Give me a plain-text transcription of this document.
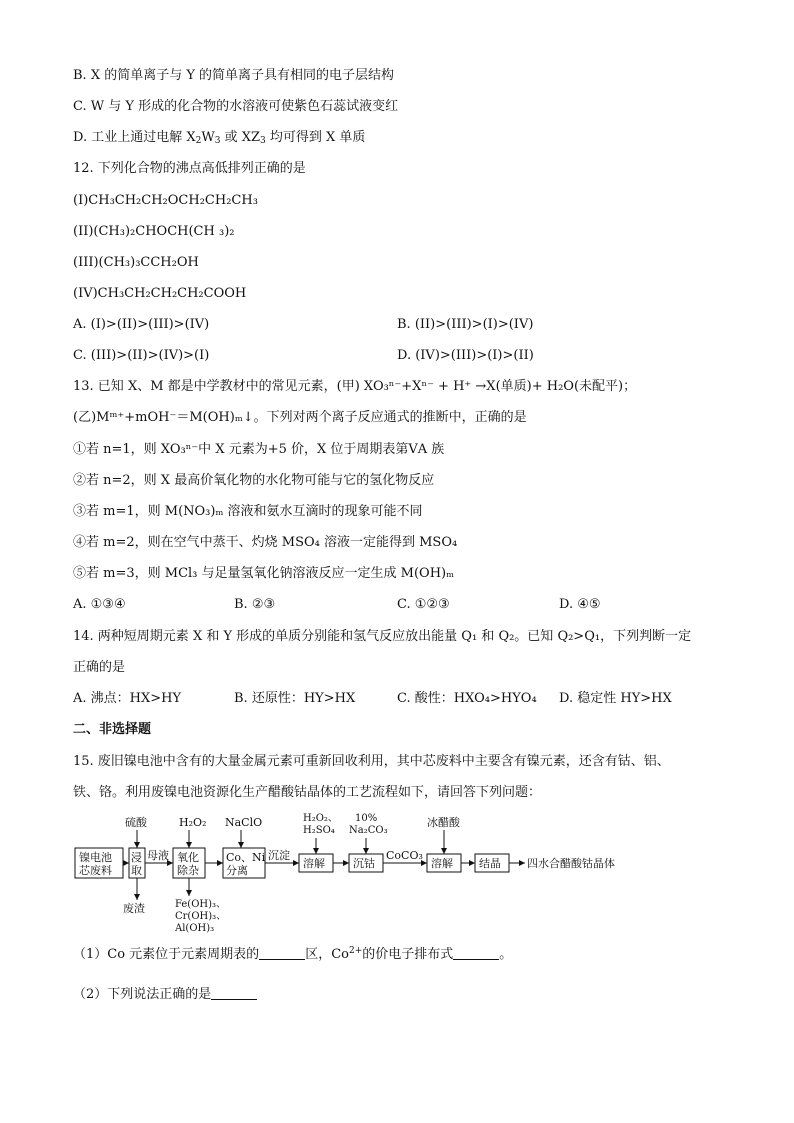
B. X 的简单离子与 Y 的简单离子具有相同的电子层结构
C. W 与 Y 形成的化合物的水溶液可使紫色石蕊试液变红
D. 工业上通过电解 $X_2W_3$ 或 $XZ_3$ 均可得到 X 单质
12. 下列化合物的沸点高低排列正确的是
(I)CH₃CH₂CH₂OCH₂CH₂CH₃
(II)(CH₃)₂CHOCH(CH ₃)₂
(III)(CH₃)₃CCH₂OH
(IV)CH₃CH₂CH₂CH₂COOH
A. (I)>(II)>(III)>(IV)	B. (II)>(III)>(I)>(IV)
C. (III)>(II)>(IV)>(I)	D. (IV)>(III)>(I)>(II)
13. 已知 X、M 都是中学教材中的常见元素，(甲) XO₃ⁿ⁻+Xⁿ⁻ + H⁺ →X(单质)+ H₂O(未配平)；
(乙)Mᵐ⁺+mOH⁻＝M(OH)ₘ↓。下列对两个离子反应通式的推断中，正确的是
①若 n=1，则 XO₃ⁿ⁻中 X 元素为+5 价，X 位于周期表第ⅤA 族
②若 n=2，则 X 最高价氧化物的水化物可能与它的氢化物反应
③若 m=1，则 M(NO₃)ₘ 溶液和氨水互滴时的现象可能不同
④若 m=2，则在空气中蒸干、灼烧 MSO₄ 溶液一定能得到 MSO₄
⑤若 m=3，则 MCl₃ 与足量氢氧化钠溶液反应一定生成 M(OH)ₘ
A. ①③④	B. ②③	C. ①②③	D. ④⑤
14. 两种短周期元素 X 和 Y 形成的单质分别能和氢气反应放出能量 Q₁ 和 Q₂。已知 Q₂>Q₁，下列判断一定
正确的是
A. 沸点：HX>HY	B. 还原性：HY>HX	C. 酸性：HXO₄>HYO₄ D. 稳定性 HY>HX
二、非选择题
15. 废旧镍电池中含有的大量金属元素可重新回收利用，其中芯废料中主要含有镍元素，还含有钴、铝、
铁、铬。利用废镍电池资源化生产醋酸钴晶体的工艺流程如下，请回答下列问题：
镍电池
芯废料
浸
取
氧化
除杂
Co、Ni
分离
溶解	沉钴	溶解 结晶 四水合醋酸钴晶体
硫酸	H₂O₂ NaClO	H₂O₂、
H₂SO₄
10%
Na₂CO₃
冰醋酸
母液	沉淀	CoCO₃
废渣	Fe(OH)₃、
Cr(OH)₃、
Al(OH)₃
（1）Co 元素位于元素周期表的	区，$Co^{2+}$的价电子排布式	。
（2）下列说法正确的是
